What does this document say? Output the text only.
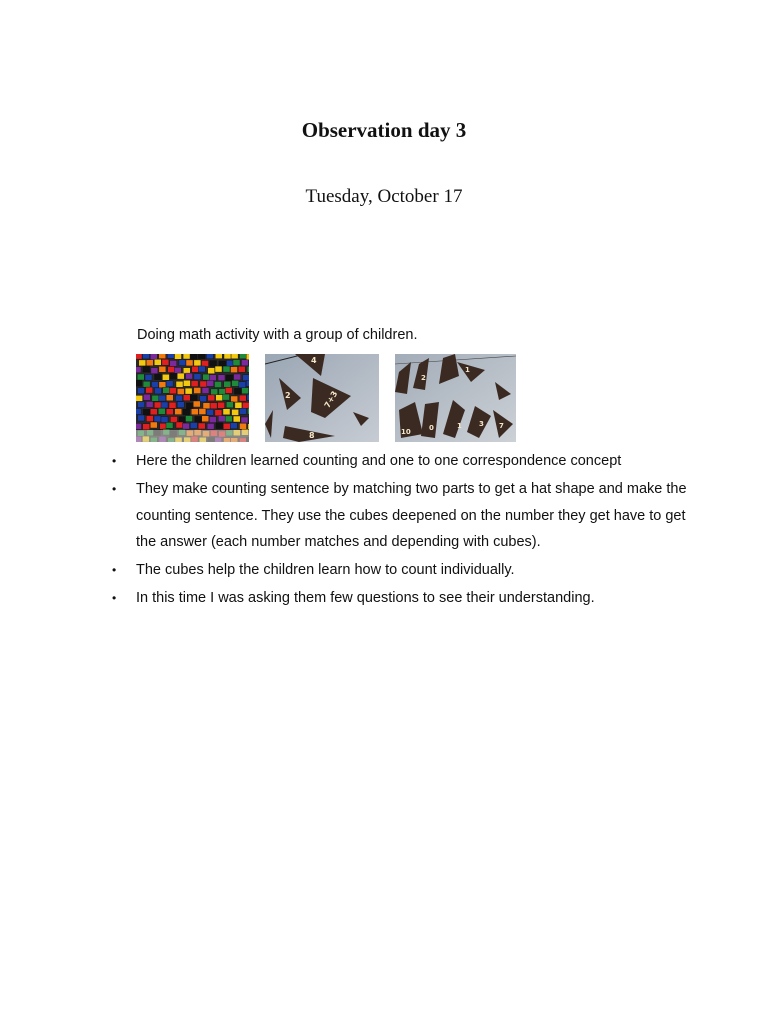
Observation day 3

Tuesday, October 17

Doing math activity with a group of children.

4
2	7+3
8
2
1
10	0	1 3 7
• Here the children learned counting and one to one correspondence concept
• They make counting sentence by matching two parts to get a hat shape and make the counting sentence. They use the cubes deepened on the number they get have to get the answer (each number matches and depending with cubes).
• The cubes help the children learn how to count individually.
• In this time I was asking them few questions to see their understanding.
